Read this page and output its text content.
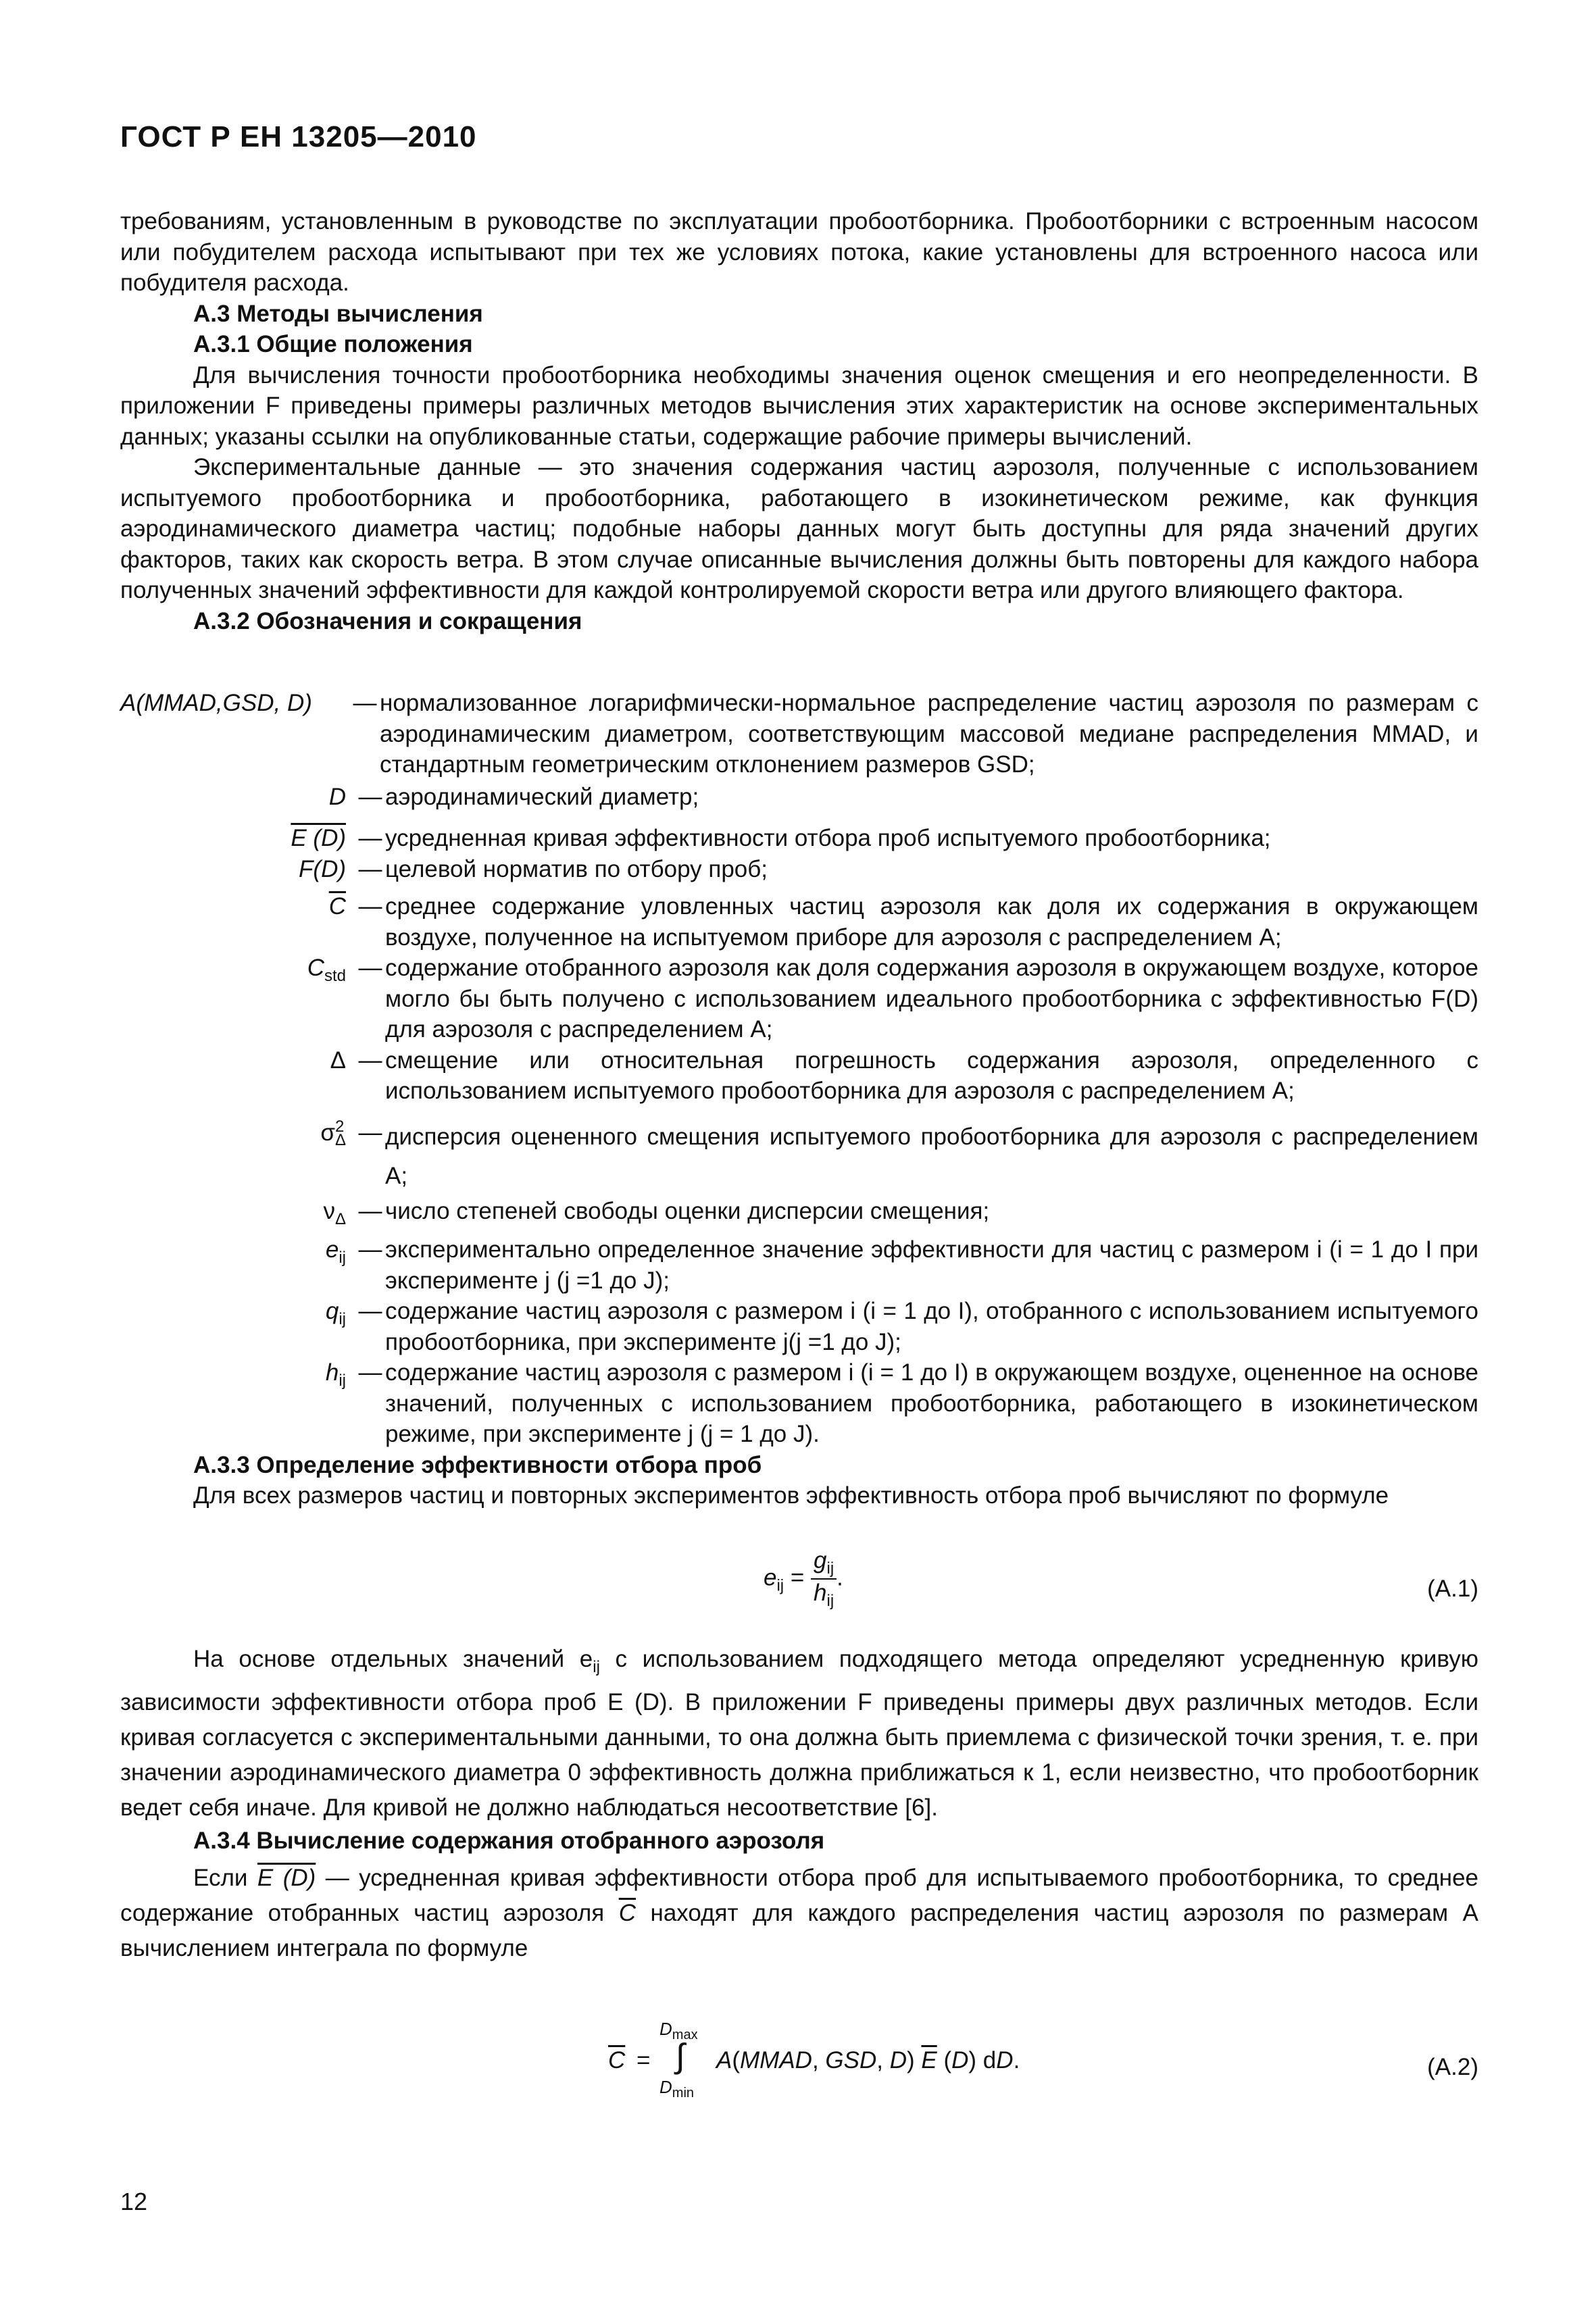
ГОСТ Р ЕН 13205—2010

требованиям, установленным в руководстве по эксплуатации пробоотборника. Пробоотборники с встроенным насосом или побудителем расхода испытывают при тех же условиях потока, какие установлены для встроенного насоса или побудителя расхода.

А.3 Методы вычисления

А.3.1 Общие положения

Для вычисления точности пробоотборника необходимы значения оценок смещения и его неопределенности. В приложении F приведены примеры различных методов вычисления этих характеристик на основе экспериментальных данных; указаны ссылки на опубликованные статьи, содержащие рабочие примеры вычислений.

Экспериментальные данные — это значения содержания частиц аэрозоля, полученные с использованием испытуемого пробоотборника и пробоотборника, работающего в изокинетическом режиме, как функция аэродинамического диаметра частиц; подобные наборы данных могут быть доступны для ряда значений других факторов, таких как скорость ветра. В этом случае описанные вычисления должны быть повторены для каждого набора полученных значений эффективности для каждой контролируемой скорости ветра или другого влияющего фактора.

А.3.2 Обозначения и сокращения

A(MMAD,GSD, D)	— нормализованное логарифмически-нормальное распределение частиц аэрозоля по размерам с аэродинамическим диаметром, соответствующим массовой медиане распределения MMAD, и стандартным геометрическим отклонением размеров GSD;
D — аэродинамический диаметр;
E (D) — усредненная кривая эффективности отбора проб испытуемого пробоотборника;
F(D) — целевой норматив по отбору проб;
$\overline{C}$ — среднее содержание уловленных частиц аэрозоля как доля их содержания в окружающем воздухе, полученное на испытуемом приборе для аэрозоля с распределением A;
$C_{std}$ — содержание отобранного аэрозоля как доля содержания аэрозоля в окружающем воздухе, которое могло бы быть получено с использованием идеального пробоотборника с эффективностью F(D) для аэрозоля с распределением A;
Δ — смещение или относительная погрешность содержания аэрозоля, определенного с использованием испытуемого пробоотборника для аэрозоля с распределением A;
σ 2
Δ — дисперсия оцененного смещения испытуемого пробоотборника для аэрозоля с распределением A;
$\nu_\Delta$ — число степеней свободы оценки дисперсии смещения;
$e_{ij}$ — экспериментально определенное значение эффективности для частиц с размером i (i = 1 до I при эксперименте j (j =1 до J);
$q_{ij}$ — содержание частиц аэрозоля с размером i (i = 1 до I), отобранного с использованием испытуемого пробоотборника, при эксперименте j(j =1 до J);
$h_{ij}$ — содержание частиц аэрозоля с размером i (i = 1 до I) в окружающем воздухе, оцененное на основе значений, полученных с использованием пробоотборника, работающего в изокинетическом режиме, при эксперименте j (j = 1 до J).

А.3.3 Определение эффективности отбора проб

Для всех размеров частиц и повторных экспериментов эффективность отбора проб вычисляют по формуле

$e_{ij} = \frac{g_{ij}}{h_{ij}}$ .	(А.1)

На основе отдельных значений $e_{ij}$ с использованием подходящего метода определяют усредненную кривую зависимости эффективности отбора проб E (D). В приложении F приведены примеры двух различных методов. Если кривая согласуется с экспериментальными данными, то она должна быть приемлема с физической точки зрения, т. е. при значении аэродинамического диаметра 0 эффективность должна приближаться к 1, если неизвестно, что пробоотборник ведет себя иначе. Для кривой не должно наблюдаться несоответствие [6].

А.3.4 Вычисление содержания отобранного аэрозоля

Если E (D) — усредненная кривая эффективности отбора проб для испытываемого пробоотборника, то среднее содержание отобранных частиц аэрозоля $\overline{C}$ находят для каждого распределения частиц аэрозоля по размерам A вычислением интеграла по формуле

$\overline{C}$ =
$D_{max}$
∫
$D_{min}$
A(MMAD, GSD, D) $\overline{E}$ (D) dD.	(А.2)
12
